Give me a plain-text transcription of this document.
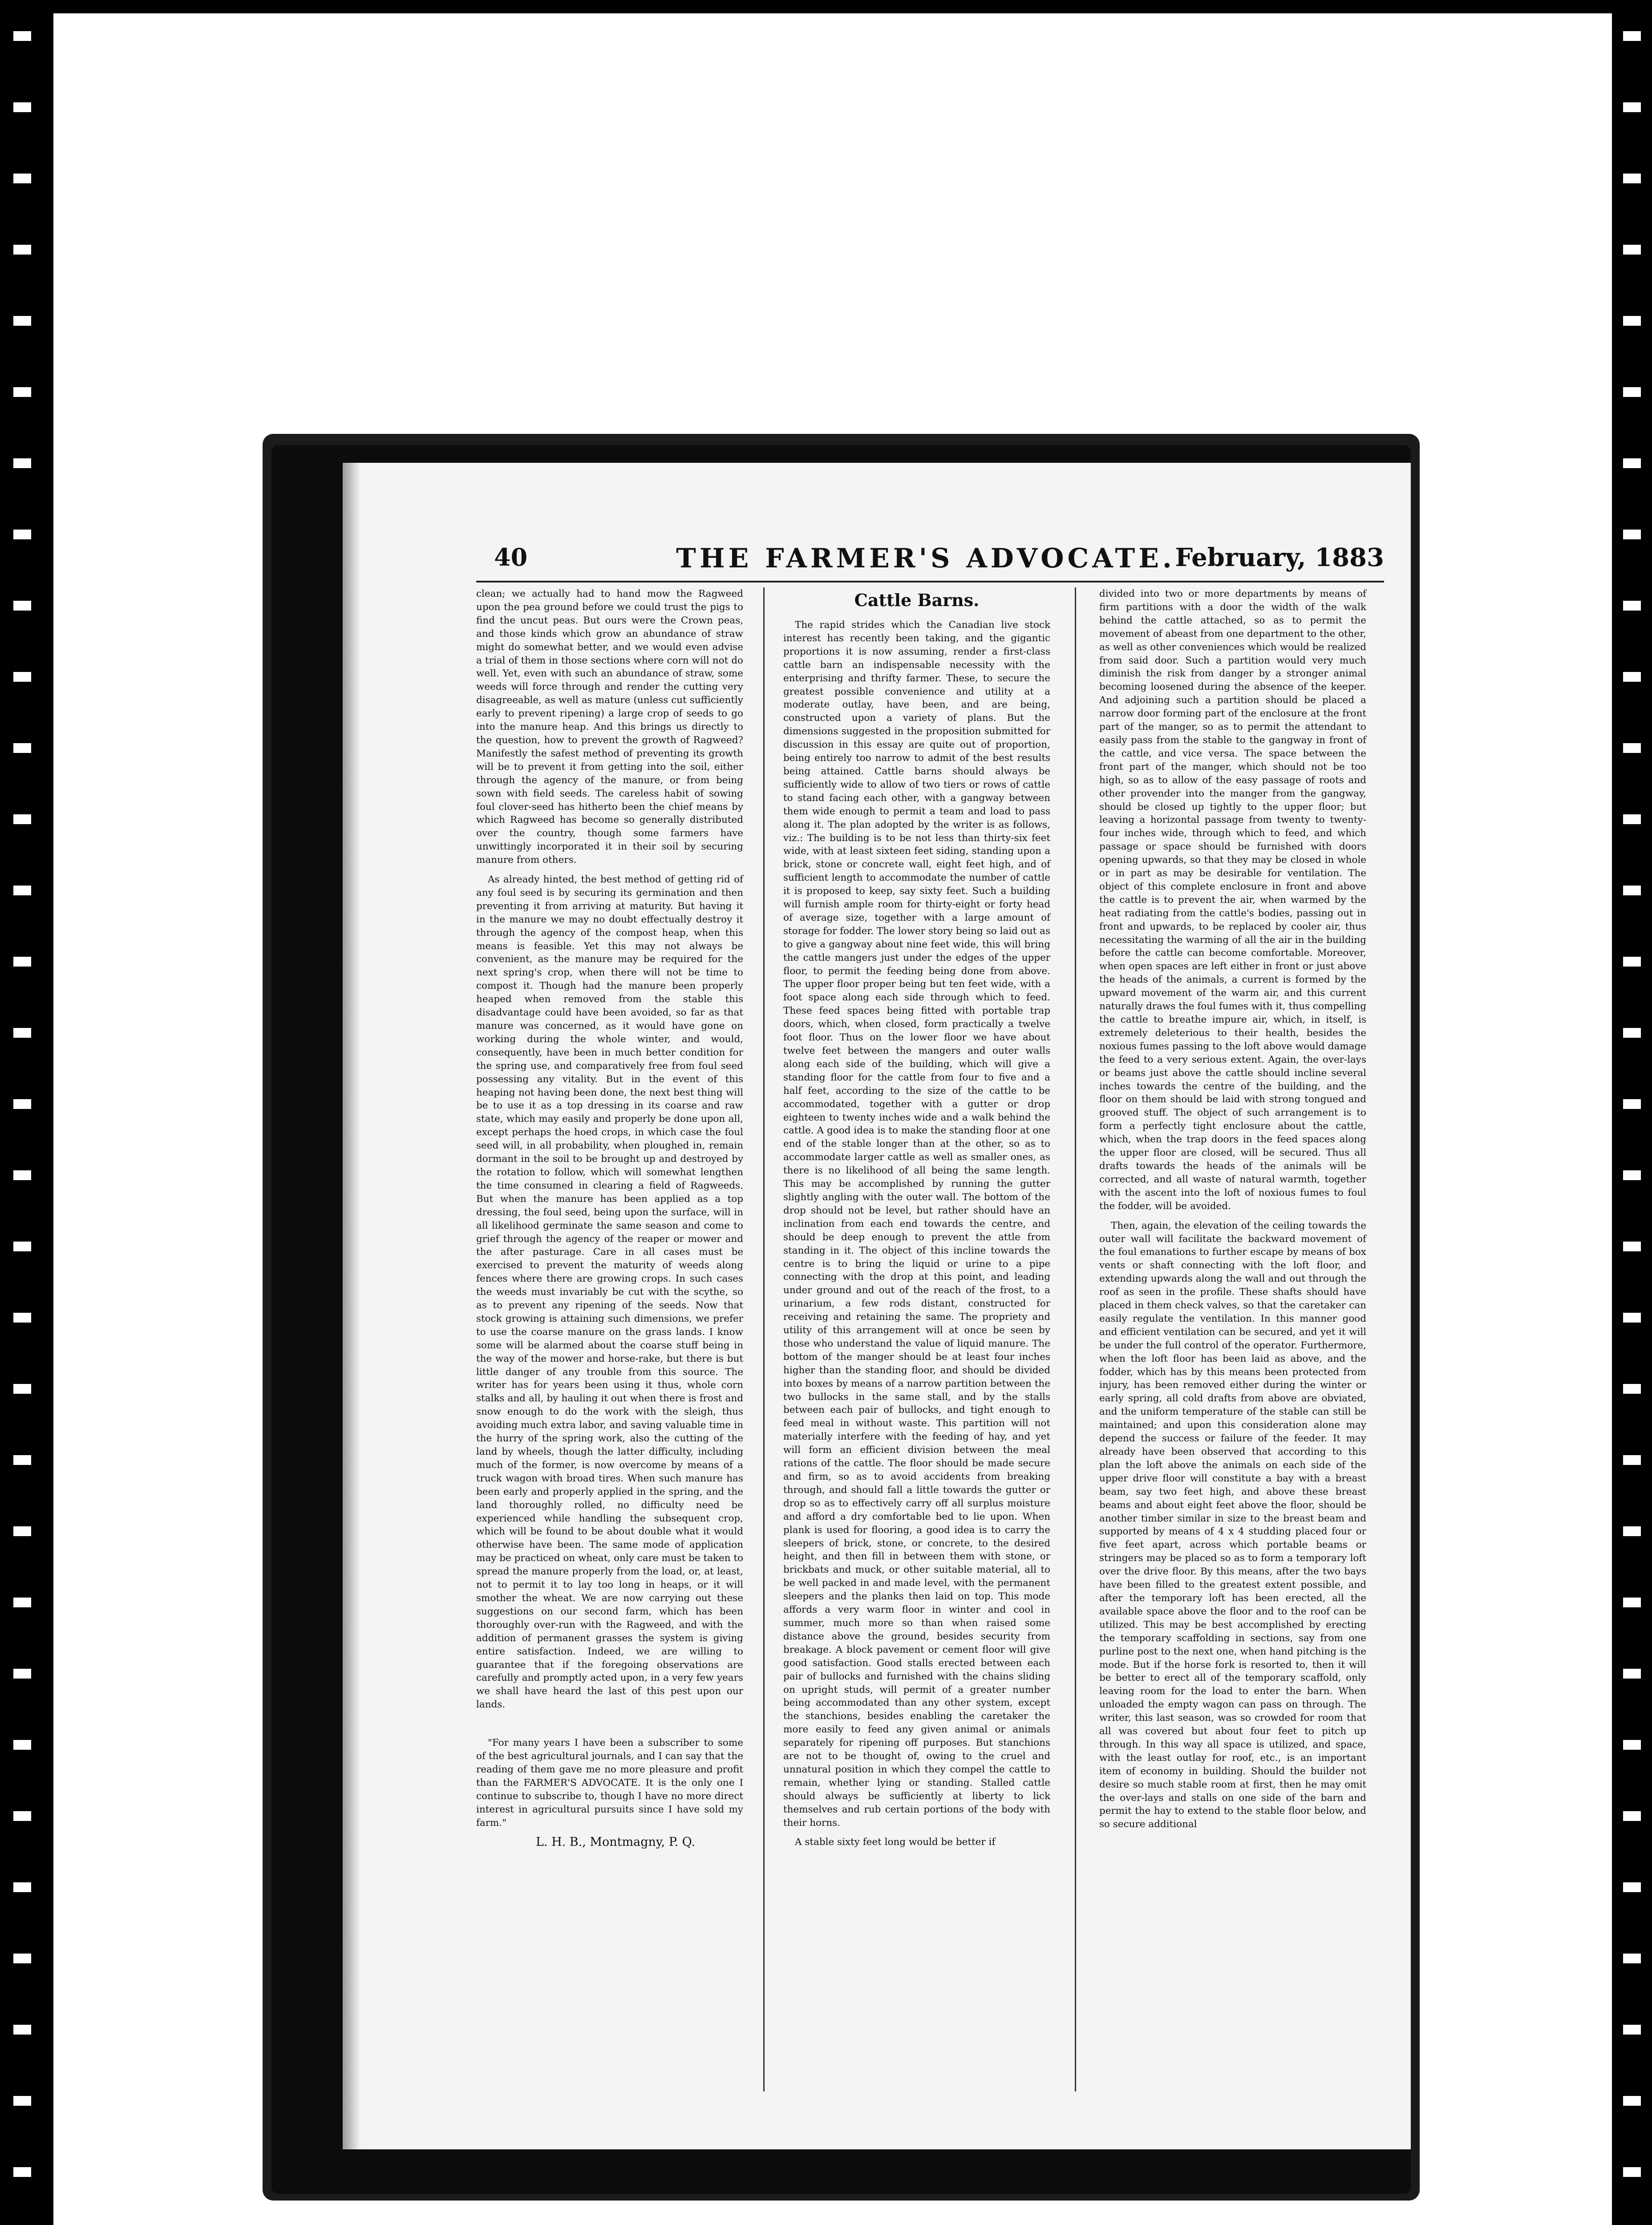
40	THE FARMER'S ADVOCATE. February, 1883

clean; we actually had to hand mow the Ragweed upon the pea ground before we could trust the pigs to find the uncut peas. But ours were the Crown peas, and those kinds which grow an abundance of straw might do somewhat better, and we would even advise a trial of them in those sections where corn will not do well. Yet, even with such an abundance of straw, some weeds will force through and render the cutting very disagreeable, as well as mature (unless cut sufficiently early to prevent ripening) a large crop of seeds to go into the manure heap. And this brings us directly to the question, how to prevent the growth of Ragweed? Manifestly the safest method of preventing its growth will be to prevent it from getting into the soil, either through the agency of the manure, or from being sown with field seeds. The careless habit of sowing foul clover-seed has hitherto been the chief means by which Ragweed has become so generally distributed over the country, though some farmers have unwittingly incorporated it in their soil by securing manure from others.

As already hinted, the best method of getting rid of any foul seed is by securing its germination and then preventing it from arriving at maturity. But having it in the manure we may no doubt effectually destroy it through the agency of the compost heap, when this means is feasible. Yet this may not always be convenient, as the manure may be required for the next spring's crop, when there will not be time to compost it. Though had the manure been properly heaped when removed from the stable this disadvantage could have been avoided, so far as that manure was concerned, as it would have gone on working during the whole winter, and would, consequently, have been in much better condition for the spring use, and comparatively free from foul seed possessing any vitality. But in the event of this heaping not having been done, the next best thing will be to use it as a top dressing in its coarse and raw state, which may easily and properly be done upon all, except perhaps the hoed crops, in which case the foul seed will, in all probability, when ploughed in, remain dormant in the soil to be brought up and destroyed by the rotation to follow, which will somewhat lengthen the time consumed in clearing a field of Ragweeds. But when the manure has been applied as a top dressing, the foul seed, being upon the surface, will in all likelihood germinate the same season and come to grief through the agency of the reaper or mower and the after pasturage. Care in all cases must be exercised to prevent the maturity of weeds along fences where there are growing crops. In such cases the weeds must invariably be cut with the scythe, so as to prevent any ripening of the seeds. Now that stock growing is attaining such dimensions, we prefer to use the coarse manure on the grass lands. I know some will be alarmed about the coarse stuff being in the way of the mower and horse-rake, but there is but little danger of any trouble from this source. The writer has for years been using it thus, whole corn stalks and all, by hauling it out when there is frost and snow enough to do the work with the sleigh, thus avoiding much extra labor, and saving valuable time in the hurry of the spring work, also the cutting of the land by wheels, though the latter difficulty, including much of the former, is now overcome by means of a truck wagon with broad tires. When such manure has been early and properly applied in the spring, and the land thoroughly rolled, no difficulty need be experienced while handling the subsequent crop, which will be found to be about double what it would otherwise have been. The same mode of application may be practiced on wheat, only care must be taken to spread the manure properly from the load, or, at least, not to permit it to lay too long in heaps, or it will smother the wheat. We are now carrying out these suggestions on our second farm, which has been thoroughly over-run with the Ragweed, and with the addition of permanent grasses the system is giving entire satisfaction. Indeed, we are willing to guarantee that if the foregoing observations are carefully and promptly acted upon, in a very few years we shall have heard the last of this pest upon our lands.

"For many years I have been a subscriber to some of the best agricultural journals, and I can say that the reading of them gave me no more pleasure and profit than the FARMER'S ADVOCATE. It is the only one I continue to subscribe to, though I have no more direct interest in agricultural pursuits since I have sold my farm."

L. H. B., Montmagny, P. Q.

Cattle Barns.

The rapid strides which the Canadian live stock interest has recently been taking, and the gigantic proportions it is now assuming, render a first-class cattle barn an indispensable necessity with the enterprising and thrifty farmer. These, to secure the greatest possible convenience and utility at a moderate outlay, have been, and are being, constructed upon a variety of plans. But the dimensions suggested in the proposition submitted for discussion in this essay are quite out of proportion, being entirely too narrow to admit of the best results being attained. Cattle barns should always be sufficiently wide to allow of two tiers or rows of cattle to stand facing each other, with a gangway between them wide enough to permit a team and load to pass along it. The plan adopted by the writer is as follows, viz.: The building is to be not less than thirty-six feet wide, with at least sixteen feet siding, standing upon a brick, stone or concrete wall, eight feet high, and of sufficient length to accommodate the number of cattle it is proposed to keep, say sixty feet. Such a building will furnish ample room for thirty-eight or forty head of average size, together with a large amount of storage for fodder. The lower story being so laid out as to give a gangway about nine feet wide, this will bring the cattle mangers just under the edges of the upper floor, to permit the feeding being done from above. The upper floor proper being but ten feet wide, with a foot space along each side through which to feed. These feed spaces being fitted with portable trap doors, which, when closed, form practically a twelve foot floor. Thus on the lower floor we have about twelve feet between the mangers and outer walls along each side of the building, which will give a standing floor for the cattle from four to five and a half feet, according to the size of the cattle to be accommodated, together with a gutter or drop eighteen to twenty inches wide and a walk behind the cattle. A good idea is to make the standing floor at one end of the stable longer than at the other, so as to accommodate larger cattle as well as smaller ones, as there is no likelihood of all being the same length. This may be accomplished by running the gutter slightly angling with the outer wall. The bottom of the drop should not be level, but rather should have an inclination from each end towards the centre, and should be deep enough to prevent the attle from standing in it. The object of this incline towards the centre is to bring the liquid or urine to a pipe connecting with the drop at this point, and leading under ground and out of the reach of the frost, to a urinarium, a few rods distant, constructed for receiving and retaining the same. The propriety and utility of this arrangement will at once be seen by those who understand the value of liquid manure. The bottom of the manger should be at least four inches higher than the standing floor, and should be divided into boxes by means of a narrow partition between the two bullocks in the same stall, and by the stalls between each pair of bullocks, and tight enough to feed meal in without waste. This partition will not materially interfere with the feeding of hay, and yet will form an efficient division between the meal rations of the cattle. The floor should be made secure and firm, so as to avoid accidents from breaking through, and should fall a little towards the gutter or drop so as to effectively carry off all surplus moisture and afford a dry comfortable bed to lie upon. When plank is used for flooring, a good idea is to carry the sleepers of brick, stone, or concrete, to the desired height, and then fill in between them with stone, or brickbats and muck, or other suitable material, all to be well packed in and made level, with the permanent sleepers and the planks then laid on top. This mode affords a very warm floor in winter and cool in summer, much more so than when raised some distance above the ground, besides security from breakage. A block pavement or cement floor will give good satisfaction. Good stalls erected between each pair of bullocks and furnished with the chains sliding on upright studs, will permit of a greater number being accommodated than any other system, except the stanchions, besides enabling the caretaker the more easily to feed any given animal or animals separately for ripening off purposes. But stanchions are not to be thought of, owing to the cruel and unnatural position in which they compel the cattle to remain, whether lying or standing. Stalled cattle should always be sufficiently at liberty to lick themselves and rub certain portions of the body with their horns.

A stable sixty feet long would be better if

divided into two or more departments by means of firm partitions with a door the width of the walk behind the cattle attached, so as to permit the movement of abeast from one department to the other, as well as other conveniences which would be realized from said door. Such a partition would very much diminish the risk from danger by a stronger animal becoming loosened during the absence of the keeper. And adjoining such a partition should be placed a narrow door forming part of the enclosure at the front part of the manger, so as to permit the attendant to easily pass from the stable to the gangway in front of the cattle, and vice versa. The space between the front part of the manger, which should not be too high, so as to allow of the easy passage of roots and other provender into the manger from the gangway, should be closed up tightly to the upper floor; but leaving a horizontal passage from twenty to twenty-four inches wide, through which to feed, and which passage or space should be furnished with doors opening upwards, so that they may be closed in whole or in part as may be desirable for ventilation. The object of this complete enclosure in front and above the cattle is to prevent the air, when warmed by the heat radiating from the cattle's bodies, passing out in front and upwards, to be replaced by cooler air, thus necessitating the warming of all the air in the building before the cattle can become comfortable. Moreover, when open spaces are left either in front or just above the heads of the animals, a current is formed by the upward movement of the warm air, and this current naturally draws the foul fumes with it, thus compelling the cattle to breathe impure air, which, in itself, is extremely deleterious to their health, besides the noxious fumes passing to the loft above would damage the feed to a very serious extent. Again, the over-lays or beams just above the cattle should incline several inches towards the centre of the building, and the floor on them should be laid with strong tongued and grooved stuff. The object of such arrangement is to form a perfectly tight enclosure about the cattle, which, when the trap doors in the feed spaces along the upper floor are closed, will be secured. Thus all drafts towards the heads of the animals will be corrected, and all waste of natural warmth, together with the ascent into the loft of noxious fumes to foul the fodder, will be avoided.

Then, again, the elevation of the ceiling towards the outer wall will facilitate the backward movement of the foul emanations to further escape by means of box vents or shaft connecting with the loft floor, and extending upwards along the wall and out through the roof as seen in the profile. These shafts should have placed in them check valves, so that the caretaker can easily regulate the ventilation. In this manner good and efficient ventilation can be secured, and yet it will be under the full control of the operator. Furthermore, when the loft floor has been laid as above, and the fodder, which has by this means been protected from injury, has been removed either during the winter or early spring, all cold drafts from above are obviated, and the uniform temperature of the stable can still be maintained; and upon this consideration alone may depend the success or failure of the feeder. It may already have been observed that according to this plan the loft above the animals on each side of the upper drive floor will constitute a bay with a breast beam, say two feet high, and above these breast beams and about eight feet above the floor, should be another timber similar in size to the breast beam and supported by means of 4 x 4 studding placed four or five feet apart, across which portable beams or stringers may be placed so as to form a temporary loft over the drive floor. By this means, after the two bays have been filled to the greatest extent possible, and after the temporary loft has been erected, all the available space above the floor and to the roof can be utilized. This may be best accomplished by erecting the temporary scaffolding in sections, say from one purline post to the next one, when hand pitching is the mode. But if the horse fork is resorted to, then it will be better to erect all of the temporary scaffold, only leaving room for the load to enter the barn. When unloaded the empty wagon can pass on through. The writer, this last season, was so crowded for room that all was covered but about four feet to pitch up through. In this way all space is utilized, and space, with the least outlay for roof, etc., is an important item of economy in building. Should the builder not desire so much stable room at first, then he may omit the over-lays and stalls on one side of the barn and permit the hay to extend to the stable floor below, and so secure additional
